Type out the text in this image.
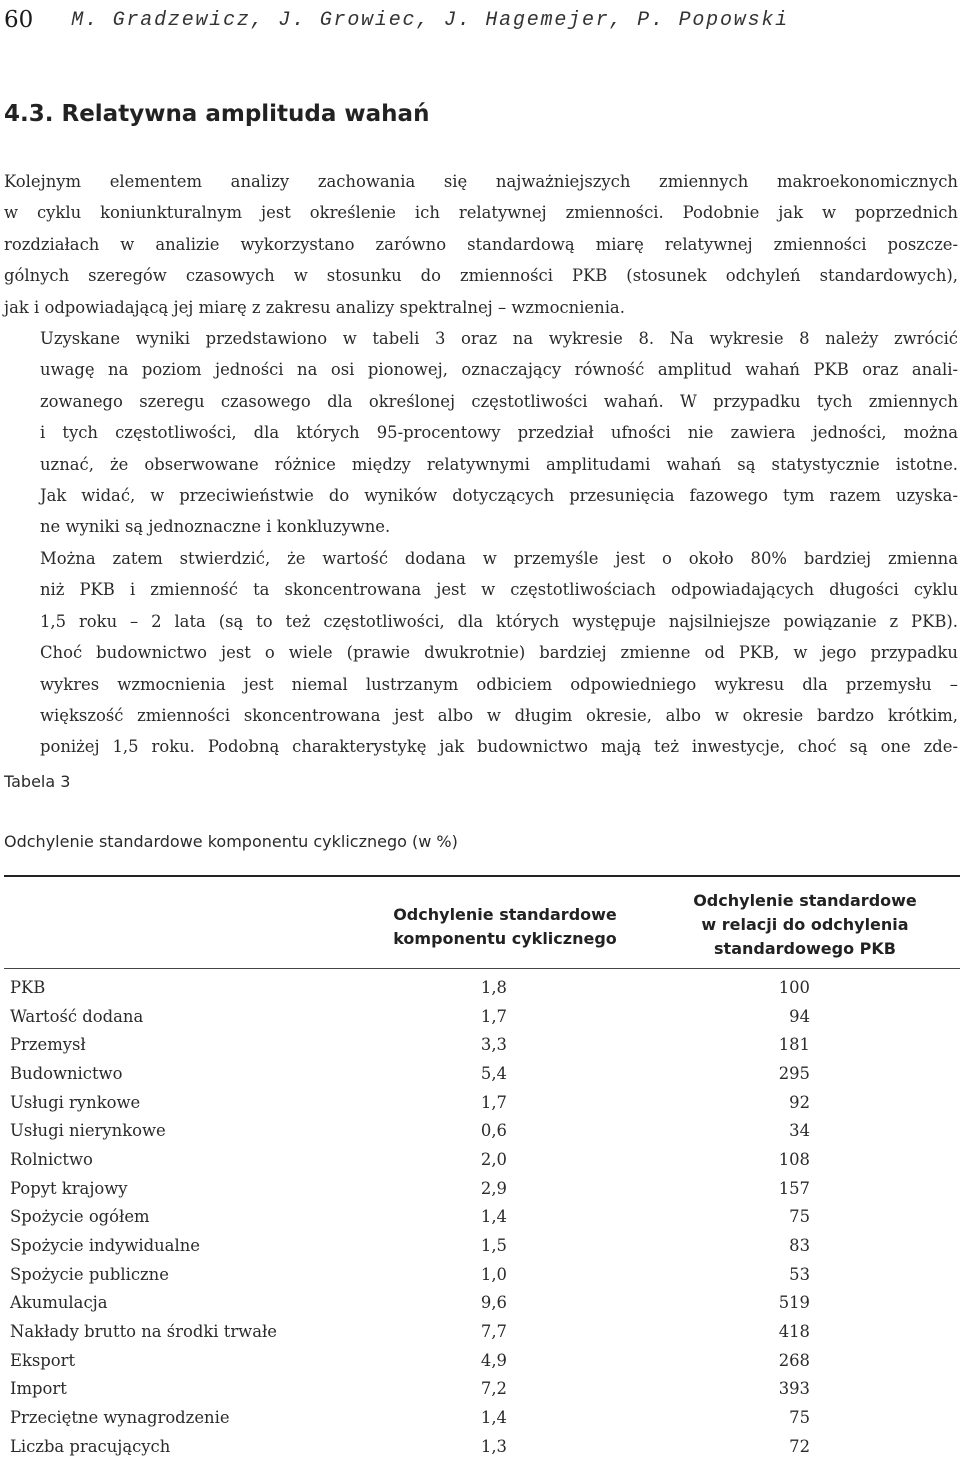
60 M. Gradzewicz, J. Growiec, J. Hagemejer, P. Popowski
4.3. Relatywna amplituda wahań

Kolejnym elementem analizy zachowania się najważniejszych zmiennych makroekonomicznych
w cyklu koniunkturalnym jest określenie ich relatywnej zmienności. Podobnie jak w poprzednich
rozdziałach w analizie wykorzystano zarówno standardową miarę relatywnej zmienności poszcze-
gólnych szeregów czasowych w stosunku do zmienności PKB (stosunek odchyleń standardowych),
jak i odpowiadającą jej miarę z zakresu analizy spektralnej – wzmocnienia.

Uzyskane wyniki przedstawiono w tabeli 3 oraz na wykresie 8. Na wykresie 8 należy zwrócić
uwagę na poziom jedności na osi pionowej, oznaczający równość amplitud wahań PKB oraz anali-
zowanego szeregu czasowego dla określonej częstotliwości wahań. W przypadku tych zmiennych
i tych częstotliwości, dla których 95-procentowy przedział ufności nie zawiera jedności, można
uznać, że obserwowane różnice między relatywnymi amplitudami wahań są statystycznie istotne.
Jak widać, w przeciwieństwie do wyników dotyczących przesunięcia fazowego tym razem uzyska-
ne wyniki są jednoznaczne i konkluzywne.

Można zatem stwierdzić, że wartość dodana w przemyśle jest o około 80% bardziej zmienna
niż PKB i zmienność ta skoncentrowana jest w częstotliwościach odpowiadających długości cyklu
1,5 roku – 2 lata (są to też częstotliwości, dla których występuje najsilniejsze powiązanie z PKB).
Choć budownictwo jest o wiele (prawie dwukrotnie) bardziej zmienne od PKB, w jego przypadku
wykres wzmocnienia jest niemal lustrzanym odbiciem odpowiedniego wykresu dla przemysłu –
większość zmienności skoncentrowana jest albo w długim okresie, albo w okresie bardzo krótkim,
poniżej 1,5 roku. Podobną charakterystykę jak budownictwo mają też inwestycje, choć są one zde-

Tabela 3
Odchylenie standardowe komponentu cyklicznego (w %)
Odchylenie standardowe
komponentu cyklicznego
Odchylenie standardowe
w relacji do odchylenia
standardowego PKB
PKB	1,8	100
Wartość dodana	1,7	94
Przemysł	3,3	181
Budownictwo	5,4	295
Usługi rynkowe	1,7	92
Usługi nierynkowe	0,6	34
Rolnictwo	2,0	108
Popyt krajowy	2,9	157
Spożycie ogółem	1,4	75
Spożycie indywidualne	1,5	83
Spożycie publiczne	1,0	53
Akumulacja	9,6	519
Nakłady brutto na środki trwałe	7,7	418
Eksport	4,9	268
Import	7,2	393
Przeciętne wynagrodzenie	1,4	75
Liczba pracujących	1,3	72
